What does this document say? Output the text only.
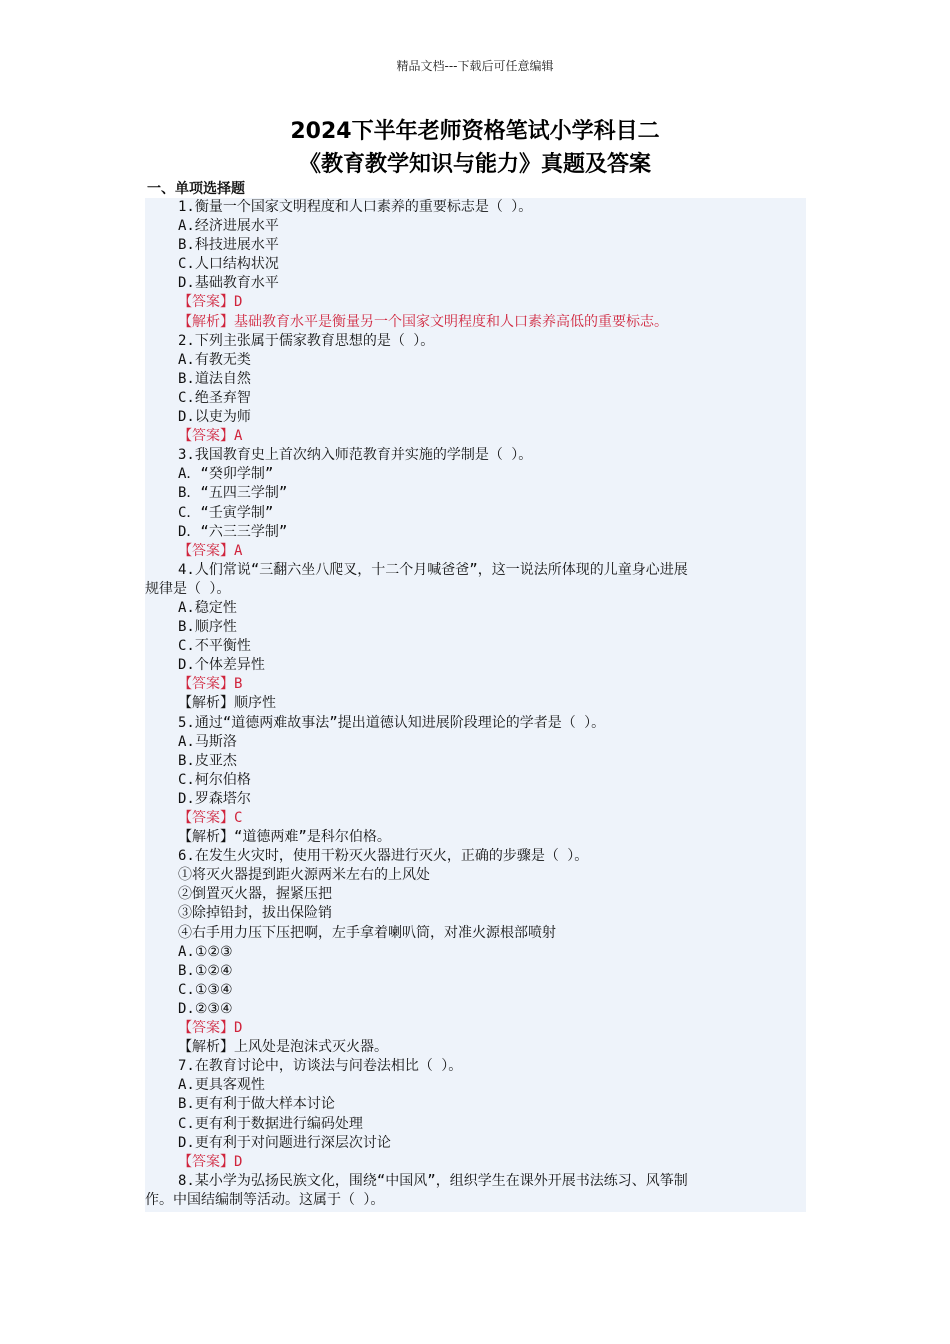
精品文档---下载后可任意编辑
2024下半年老师资格笔试小学科目二
《教育教学知识与能力》真题及答案
一、单项选择题
1.衡量一个国家文明程度和人口素养的重要标志是（ ）。
A.经济进展水平
B.科技进展水平
C.人口结构状况
D.基础教育水平
【答案】D
【解析】基础教育水平是衡量另一个国家文明程度和人口素养高低的重要标志。
2.下列主张属于儒家教育思想的是（ ）。
A.有教无类
B.道法自然
C.绝圣弃智
D.以吏为师
【答案】A
3.我国教育史上首次纳入师范教育并实施的学制是（ ）。
A．“癸卯学制”
B．“五四三学制”
C．“壬寅学制”
D．“六三三学制”
【答案】A
4.人们常说“三翻六坐八爬叉，十二个月喊爸爸”，这一说法所体现的儿童身心进展
规律是（ ）。
A.稳定性
B.顺序性
C.不平衡性
D.个体差异性
【答案】B
【解析】顺序性
5.通过“道德两难故事法”提出道德认知进展阶段理论的学者是（ ）。
A.马斯洛
B.皮亚杰
C.柯尔伯格
D.罗森塔尔
【答案】C
【解析】“道德两难”是科尔伯格。
6.在发生火灾时，使用干粉灭火器进行灭火，正确的步骤是（ ）。
①将灭火器提到距火源两米左右的上风处
②倒置灭火器，握紧压把
③除掉铅封，拔出保险销
④右手用力压下压把啊，左手拿着喇叭筒，对准火源根部喷射
A.①②③
B.①②④
C.①③④
D.②③④
【答案】D
【解析】上风处是泡沫式灭火器。
7.在教育讨论中，访谈法与问卷法相比（ ）。
A.更具客观性
B.更有利于做大样本讨论
C.更有利于数据进行编码处理
D.更有利于对问题进行深层次讨论
【答案】D
8.某小学为弘扬民族文化，围绕“中国风”，组织学生在课外开展书法练习、风筝制
作。中国结编制等活动。这属于（ ）。
